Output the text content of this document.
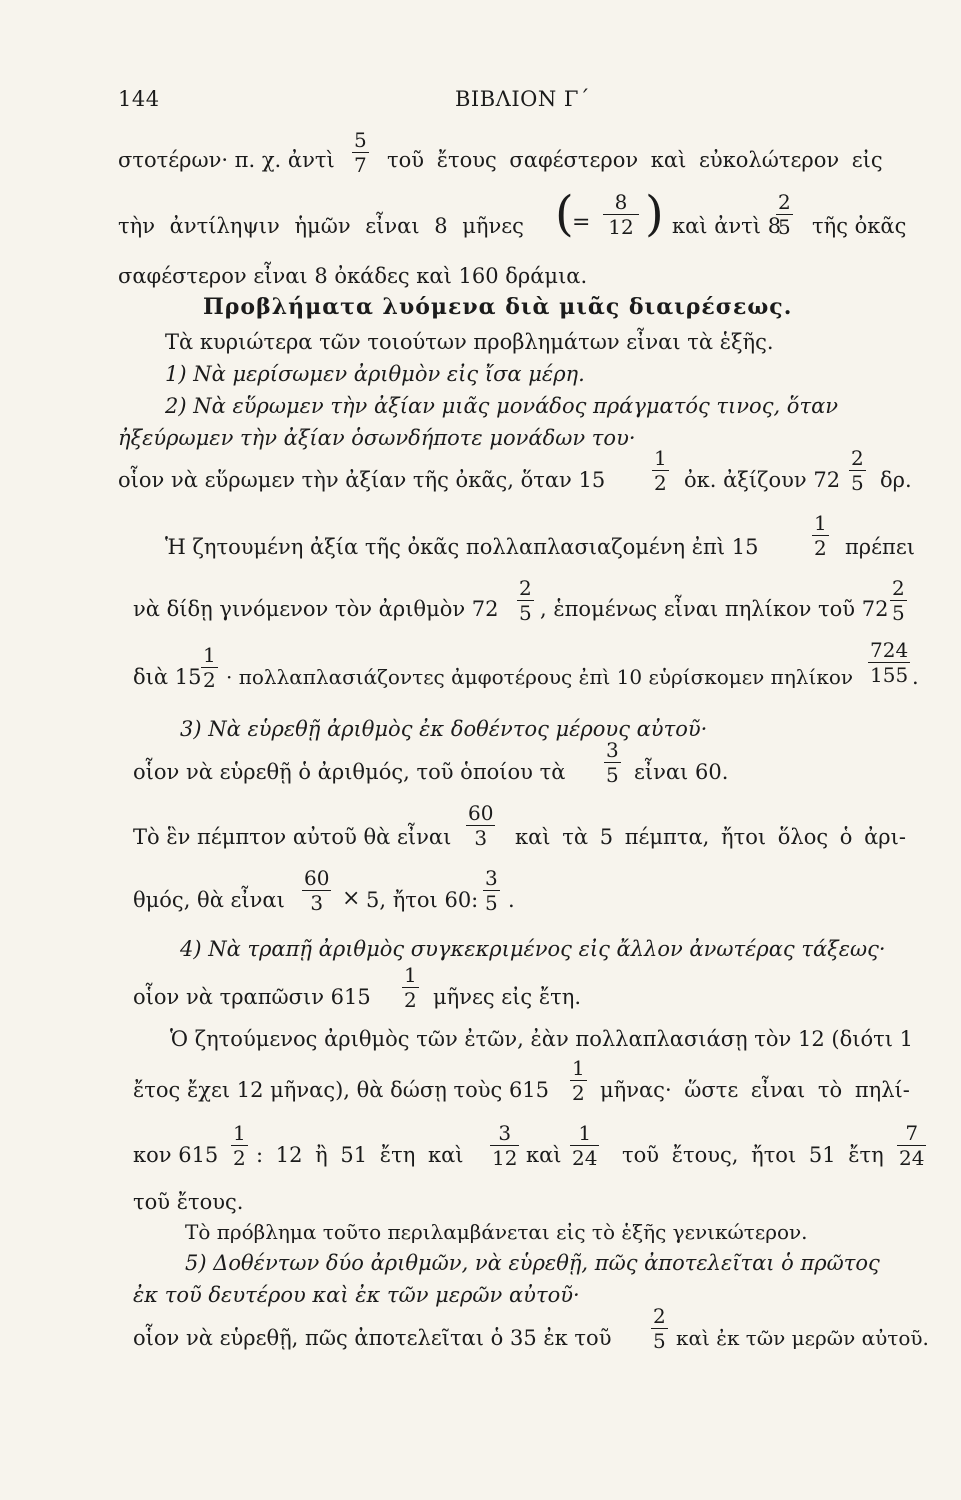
144	ΒΙΒΛΙΟΝ Γ΄
στοτέρων· π. χ. ἀντὶ
5
7 τοῦ ἔτους σαφέστερον καὶ εὐκολώτερον εἰς
τὴν ἀντίληψιν ἡμῶν εἶναι 8 μῆνες (
=
8
12 ) καὶ ἀντὶ 8
2
5 τῆς ὀκᾶς
σαφέστερον εἶναι 8 ὀκάδες καὶ 160 δράμια.
Προβλήματα λυόμενα διὰ μιᾶς διαιρέσεως.
Τὰ κυριώτερα τῶν τοιούτων προβλημάτων εἶναι τὰ ἑξῆς.
1) Νὰ μερίσωμεν ἀριθμὸν εἰς ἴσα μέρη.
2) Νὰ εὕρωμεν τὴν ἀξίαν μιᾶς μονάδος πράγματός τινος, ὅταν
ἠξεύρωμεν τὴν ἀξίαν ὁσωνδήποτε μονάδων του·
οἷον νὰ εὕρωμεν τὴν ἀξίαν τῆς ὀκᾶς, ὅταν 15
1
2 ὀκ. ἀξίζουν 72
2
5 δρ.
Ἡ ζητουμένη ἀξία τῆς ὀκᾶς πολλαπλασιαζομένη ἐπὶ 15
1
2 πρέπει
νὰ δίδῃ γινόμενον τὸν ἀριθμὸν 72
2
5 , ἑπομένως εἶναι πηλίκον τοῦ 72
2
5
διὰ 15
1
2 · πολλαπλασιάζοντες ἀμφοτέρους ἐπὶ 10 εὑρίσκομεν πηλίκον
724
155 .
3) Νὰ εὑρεθῇ ἀριθμὸς ἐκ δοθέντος μέρους αὐτοῦ·
οἷον νὰ εὑρεθῇ ὁ ἀριθμός, τοῦ ὁποίου τὰ
3
5 εἶναι 60.
Τὸ ἓν πέμπτον αὐτοῦ θὰ εἶναι
60
3	καὶ τὰ 5 πέμπτα, ἤτοι ὅλος ὁ ἀρι-
θμός, θὰ εἶναι
60
3 × 5, ἤτοι 60:
3
5 .
4) Νὰ τραπῇ ἀριθμὸς συγκεκριμένος εἰς ἄλλον ἀνωτέρας τάξεως·
οἷον νὰ τραπῶσιν 615
1
2 μῆνες εἰς ἔτη.
Ὁ ζητούμενος ἀριθμὸς τῶν ἐτῶν, ἐὰν πολλαπλασιάσῃ τὸν 12 (διότι 1
ἔτος ἔχει 12 μῆνας), θὰ δώσῃ τοὺς 615
1
2 μῆνας· ὥστε εἶναι τὸ πηλί-
κον 615
1
2 : 12 ἢ 51 ἔτη καὶ
3
12 καὶ
1
24 τοῦ ἔτους, ἤτοι 51 ἔτη
7
24
τοῦ ἔτους.
Τὸ πρόβλημα τοῦτο περιλαμβάνεται εἰς τὸ ἑξῆς γενικώτερον.
5) Δοθέντων δύο ἀριθμῶν, νὰ εὑρεθῇ, πῶς ἀποτελεῖται ὁ πρῶτος
ἐκ τοῦ δευτέρου καὶ ἐκ τῶν μερῶν αὐτοῦ·
οἷον νὰ εὑρεθῇ, πῶς ἀποτελεῖται ὁ 35 ἐκ τοῦ
2
5 καὶ ἐκ τῶν μερῶν αὐτοῦ.
